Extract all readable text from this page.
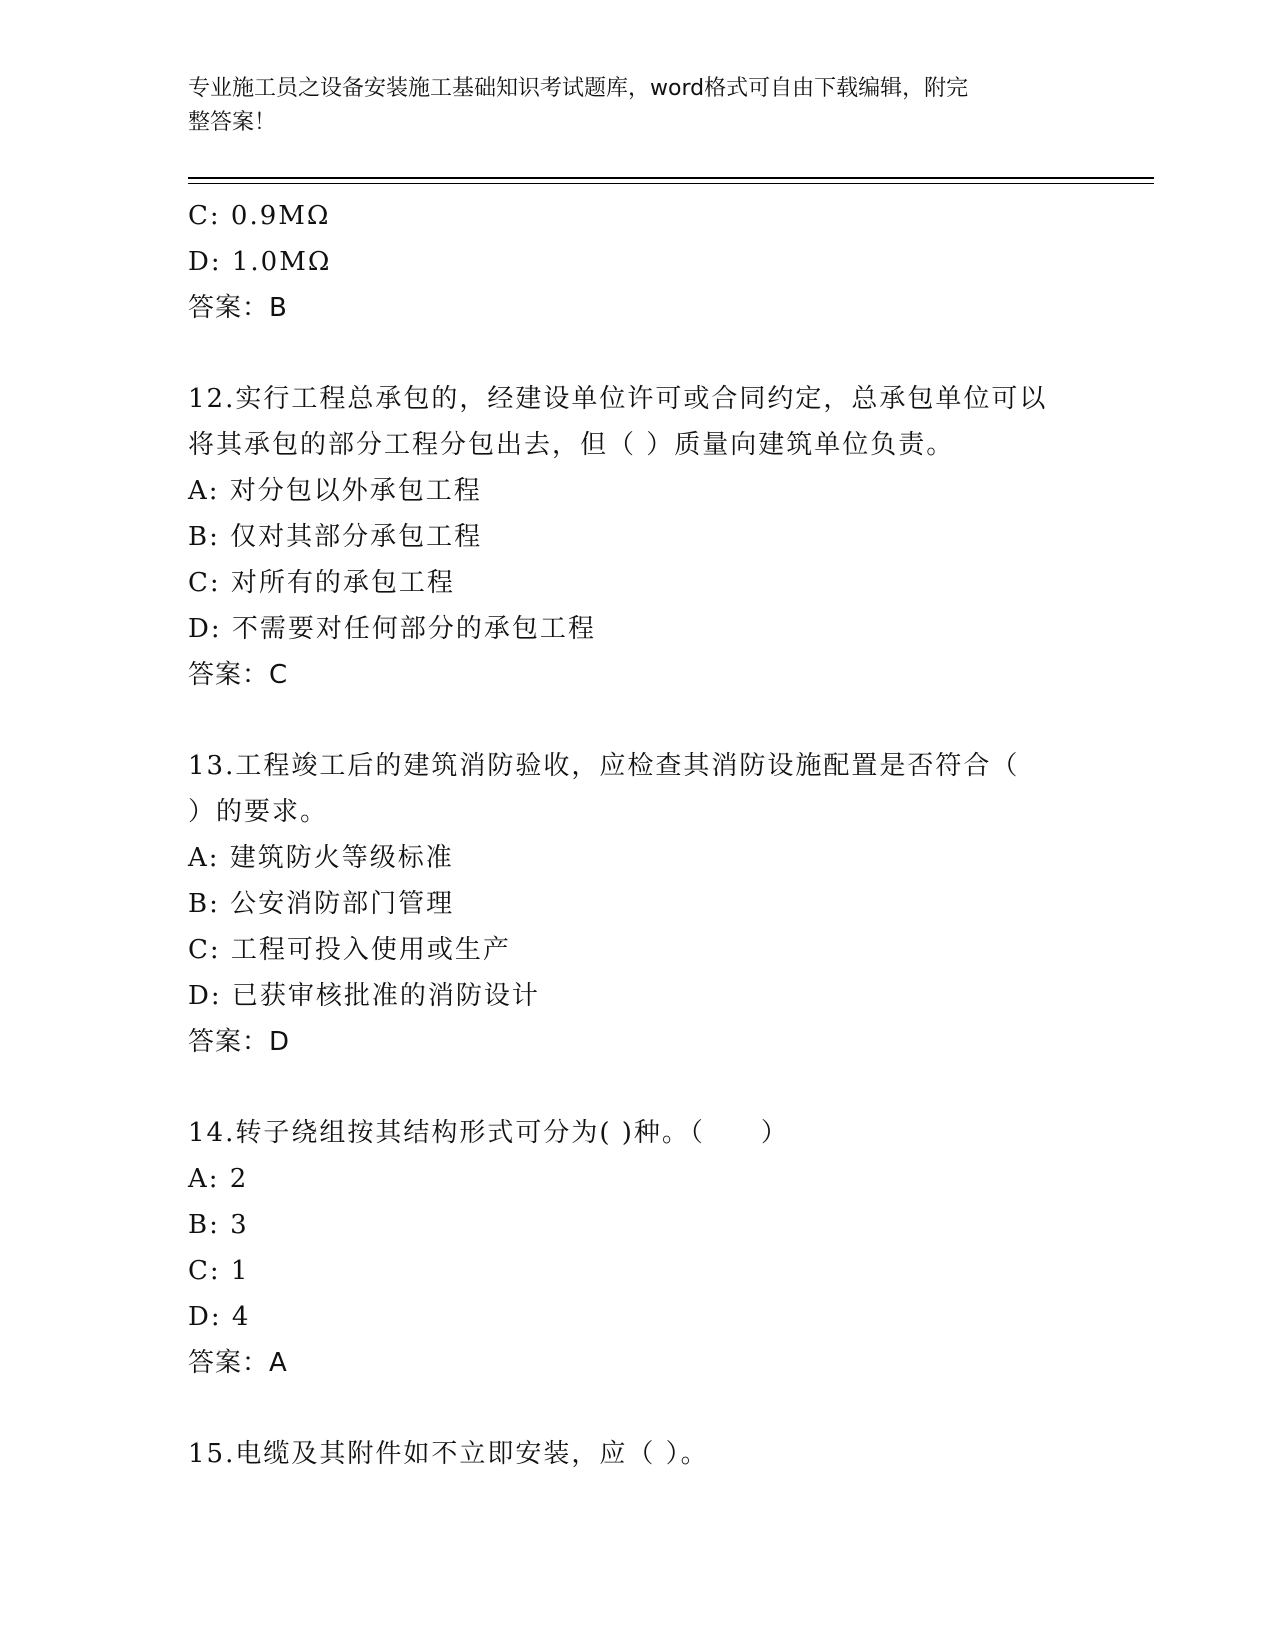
专业施工员之设备安装施工基础知识考试题库，word格式可自由下载编辑，附完
整答案！
C: 0.9MΩ
D: 1.0MΩ
答案：B
12.实行工程总承包的，经建设单位许可或合同约定，总承包单位可以
将其承包的部分工程分包出去，但（ ）质量向建筑单位负责。
A: 对分包以外承包工程
B: 仅对其部分承包工程
C: 对所有的承包工程
D: 不需要对任何部分的承包工程
答案：C
13.工程竣工后的建筑消防验收，应检查其消防设施配置是否符合（
）的要求。
A: 建筑防火等级标准
B: 公安消防部门管理
C: 工程可投入使用或生产
D: 已获审核批准的消防设计
答案：D
14.转子绕组按其结构形式可分为( )种。（　　）
A: 2
B: 3
C: 1
D: 4
答案：A
15.电缆及其附件如不立即安装，应（ ）。
